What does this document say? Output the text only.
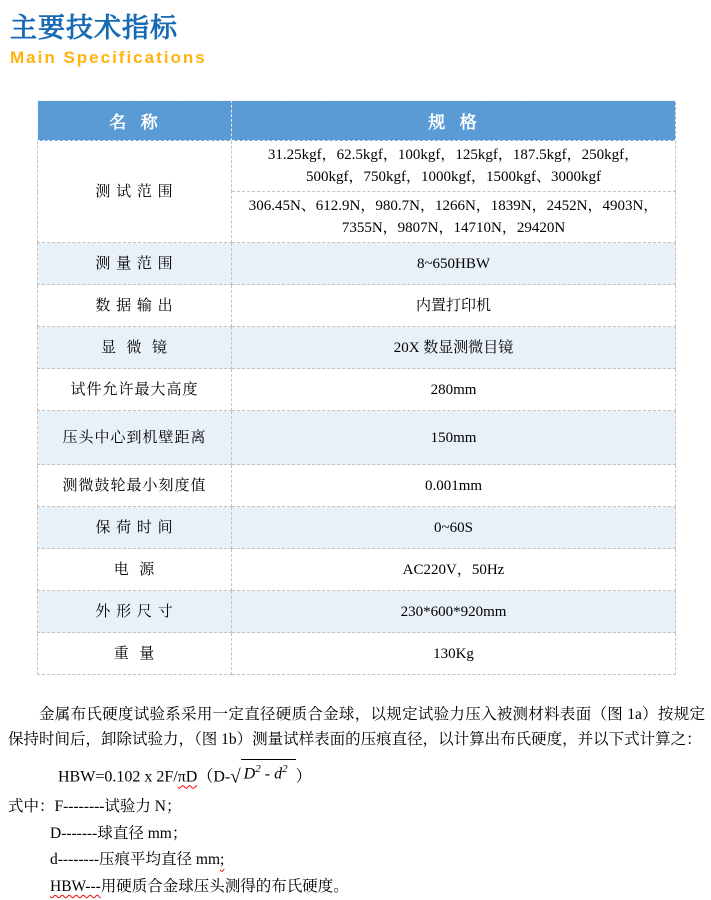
主要技术指标
Main Specifications
名  称	规  格
测 试 范 围	31.25kgf，62.5kgf，100kgf，125kgf，187.5kgf，250kgf，500kgf，750kgf，1000kgf，1500kgf、3000kgf
	306.45N、612.9N，980.7N，1266N，1839N，2452N，4903N，7355N，9807N，14710N，29420N
测 量 范 围	8~650HBW
数 据 输 出	内置打印机
显  微  镜	20X 数显测微目镜
试件允许最大高度	280mm
压头中心到机壁距离	150mm
测微鼓轮最小刻度值	0.001mm
保 荷 时 间	0~60S
电  源	AC220V，50Hz
外 形 尺 寸	230*600*920mm
重  量	130Kg

金属布氏硬度试验系采用一定直径硬质合金球，以规定试验力压入被测材料表面（图 1a）按规定保持时间后，卸除试验力，（图 1b）测量试样表面的压痕直径，以计算出布氏硬度，并以下式计算之：

HBW=0.102 x 2F/πD（D-√ $D^2 - d^2$ ）
式中：F--------试验力 N；
D-------球直径 mm；
d--------压痕平均直径 mm;
HBW---用硬质合金球压头测得的布氏硬度。
